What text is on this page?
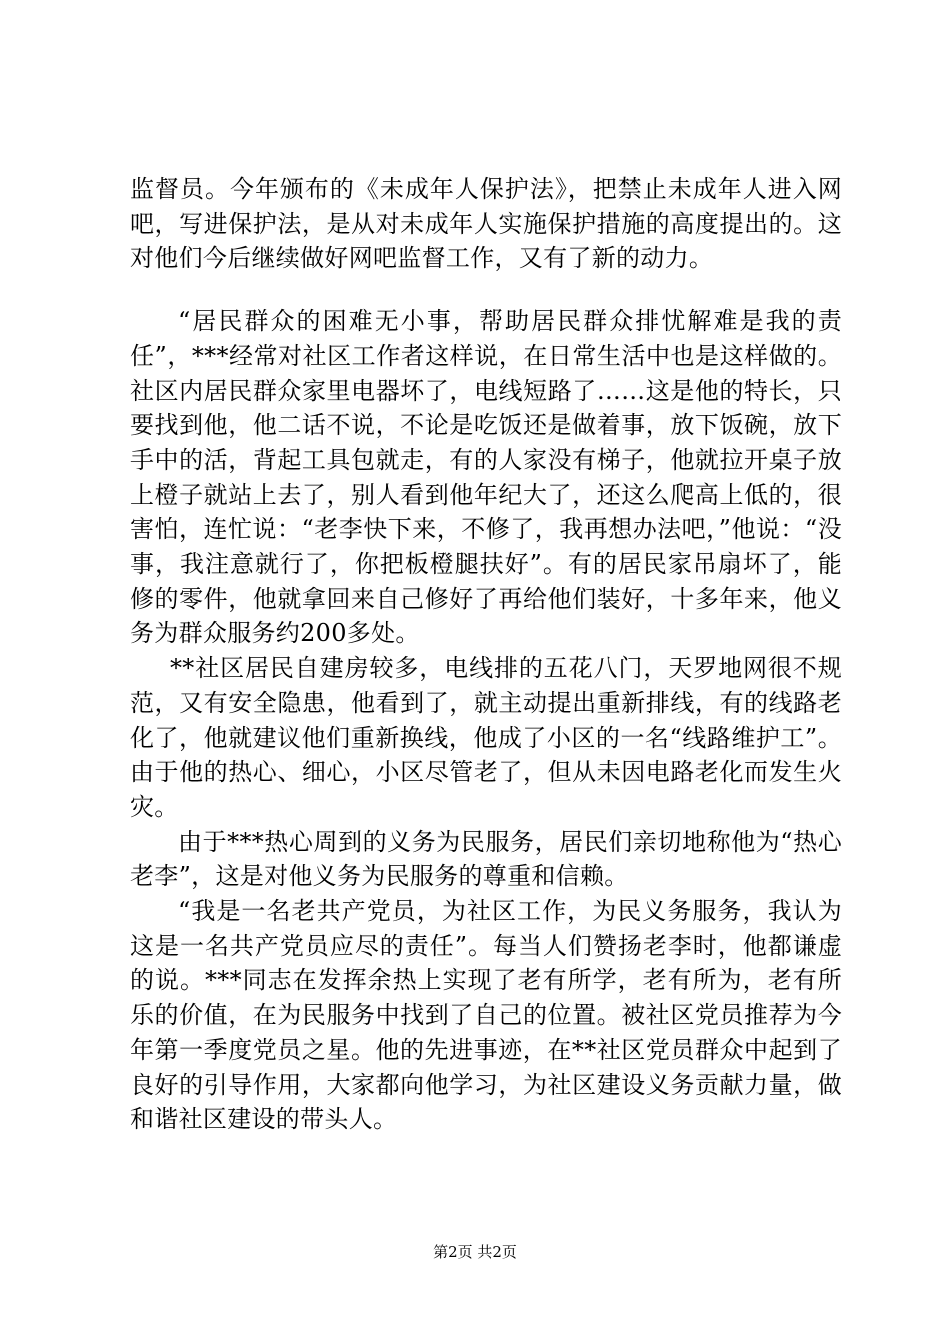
监督员。今年颁布的《未成年人保护法》，把禁止未成年人进入网吧，写进保护法，是从对未成年人实施保护措施的高度提出的。这对他们今后继续做好网吧监督工作，又有了新的动力。

“居民群众的困难无小事，帮助居民群众排忧解难是我的责任”，***经常对社区工作者这样说，在日常生活中也是这样做的。社区内居民群众家里电器坏了，电线短路了……这是他的特长，只要找到他，他二话不说，不论是吃饭还是做着事，放下饭碗，放下手中的活，背起工具包就走，有的人家没有梯子，他就拉开桌子放上橙子就站上去了，别人看到他年纪大了，还这么爬高上低的，很害怕，连忙说：“老李快下来，不修了，我再想办法吧，”他说：“没事，我注意就行了，你把板橙腿扶好”。有的居民家吊扇坏了，能修的零件，他就拿回来自己修好了再给他们装好，十多年来，他义务为群众服务约200多处。

**社区居民自建房较多，电线排的五花八门，天罗地网很不规范，又有安全隐患，他看到了，就主动提出重新排线，有的线路老化了，他就建议他们重新换线，他成了小区的一名“线路维护工”。由于他的热心、细心，小区尽管老了，但从未因电路老化而发生火灾。

由于***热心周到的义务为民服务，居民们亲切地称他为“热心老李”，这是对他义务为民服务的尊重和信赖。

“我是一名老共产党员，为社区工作，为民义务服务，我认为这是一名共产党员应尽的责任”。每当人们赞扬老李时，他都谦虚的说。***同志在发挥余热上实现了老有所学，老有所为，老有所乐的价值，在为民服务中找到了自己的位置。被社区党员推荐为今年第一季度党员之星。他的先进事迹，在**社区党员群众中起到了良好的引导作用，大家都向他学习，为社区建设义务贡献力量，做和谐社区建设的带头人。

第2页 共2页
